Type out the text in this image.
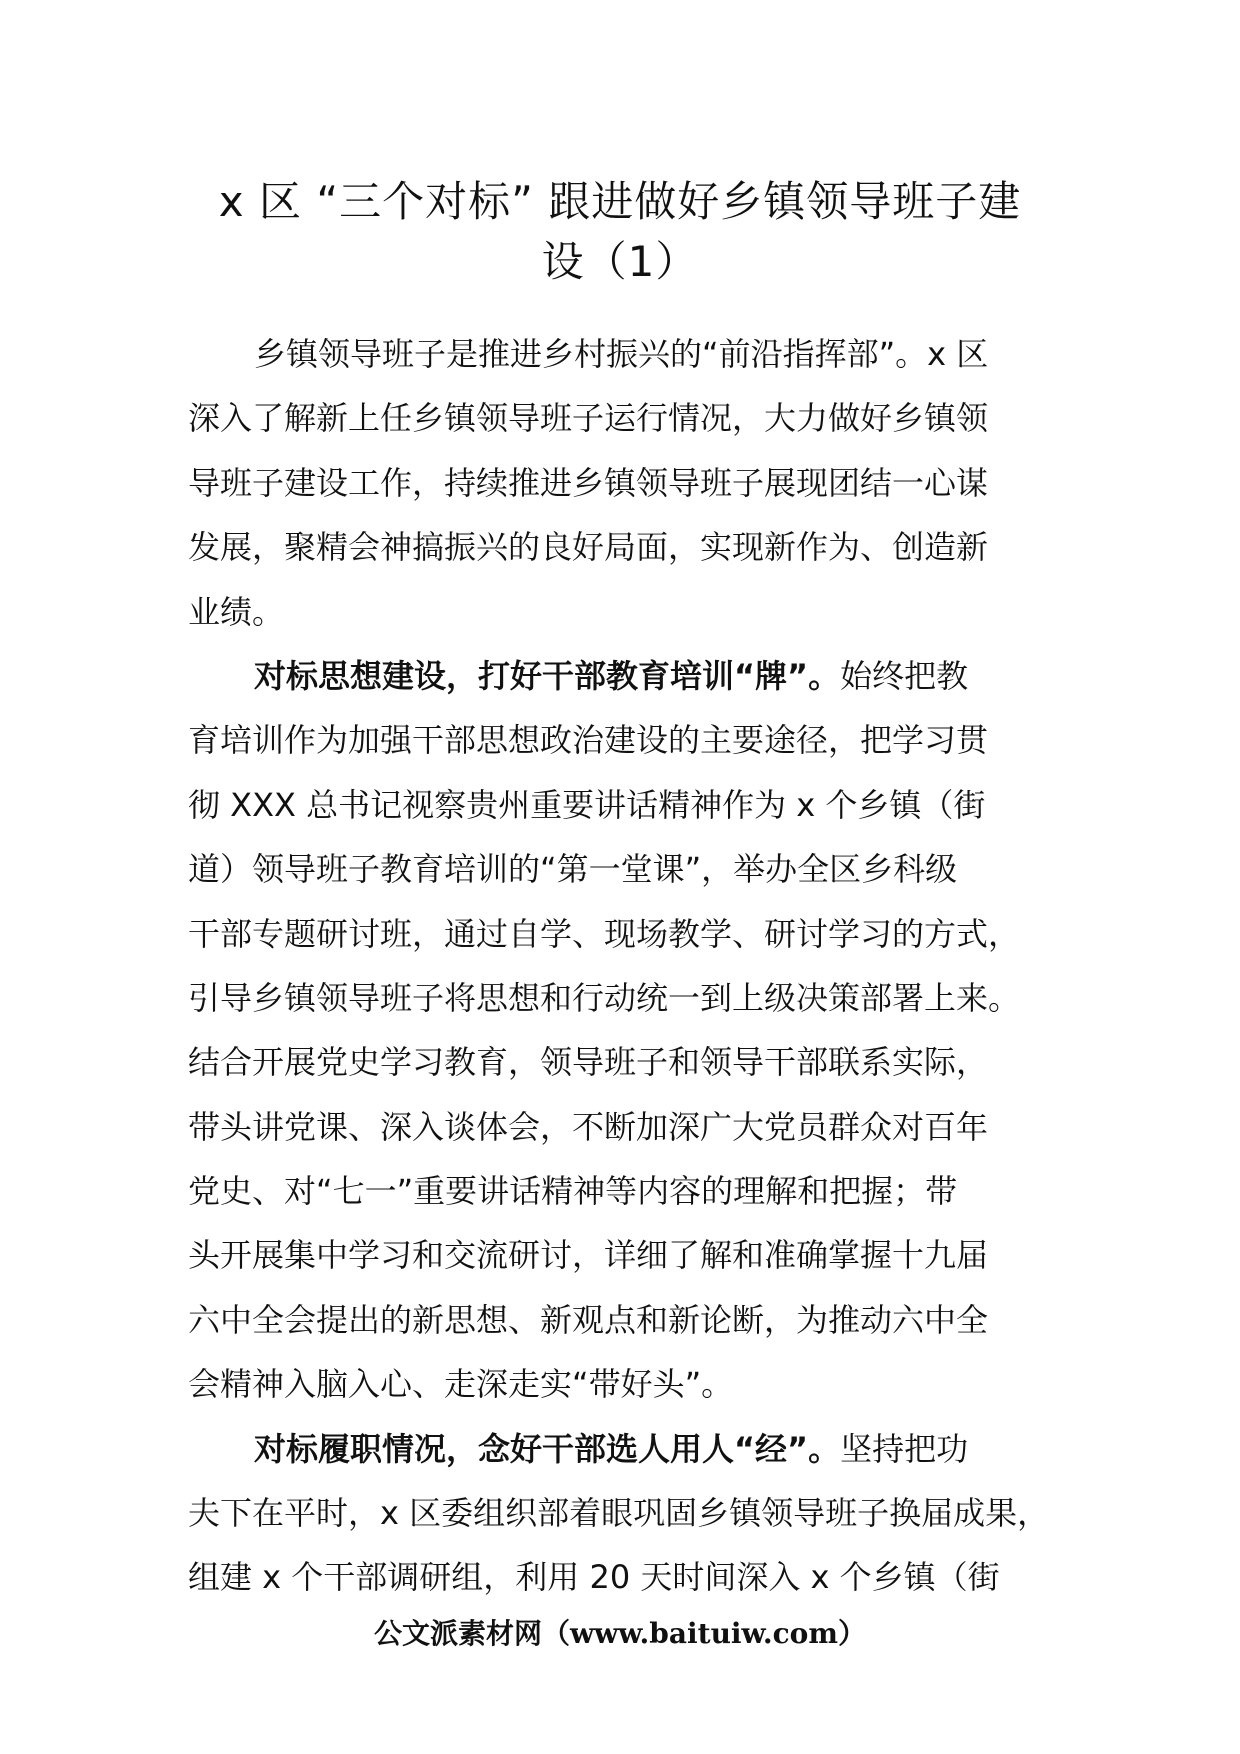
x 区 “三个对标” 跟进做好乡镇领导班子建
设（1）
乡镇领导班子是推进乡村振兴的“前沿指挥部”。x 区
深入了解新上任乡镇领导班子运行情况，大力做好乡镇领
导班子建设工作，持续推进乡镇领导班子展现团结一心谋
发展，聚精会神搞振兴的良好局面，实现新作为、创造新
业绩。
对标思想建设，打好干部教育培训“牌”。始终把教
育培训作为加强干部思想政治建设的主要途径，把学习贯
彻 XXX 总书记视察贵州重要讲话精神作为 x 个乡镇（街
道）领导班子教育培训的“第一堂课”，举办全区乡科级
干部专题研讨班，通过自学、现场教学、研讨学习的方式，
引导乡镇领导班子将思想和行动统一到上级决策部署上来。
结合开展党史学习教育，领导班子和领导干部联系实际，
带头讲党课、深入谈体会，不断加深广大党员群众对百年
党史、对“七一”重要讲话精神等内容的理解和把握；带
头开展集中学习和交流研讨，详细了解和准确掌握十九届
六中全会提出的新思想、新观点和新论断，为推动六中全
会精神入脑入心、走深走实“带好头”。
对标履职情况，念好干部选人用人“经”。坚持把功
夫下在平时，x 区委组织部着眼巩固乡镇领导班子换届成果，
组建 x 个干部调研组，利用 20 天时间深入 x 个乡镇（街
公文派素材网（www.baituiw.com）
